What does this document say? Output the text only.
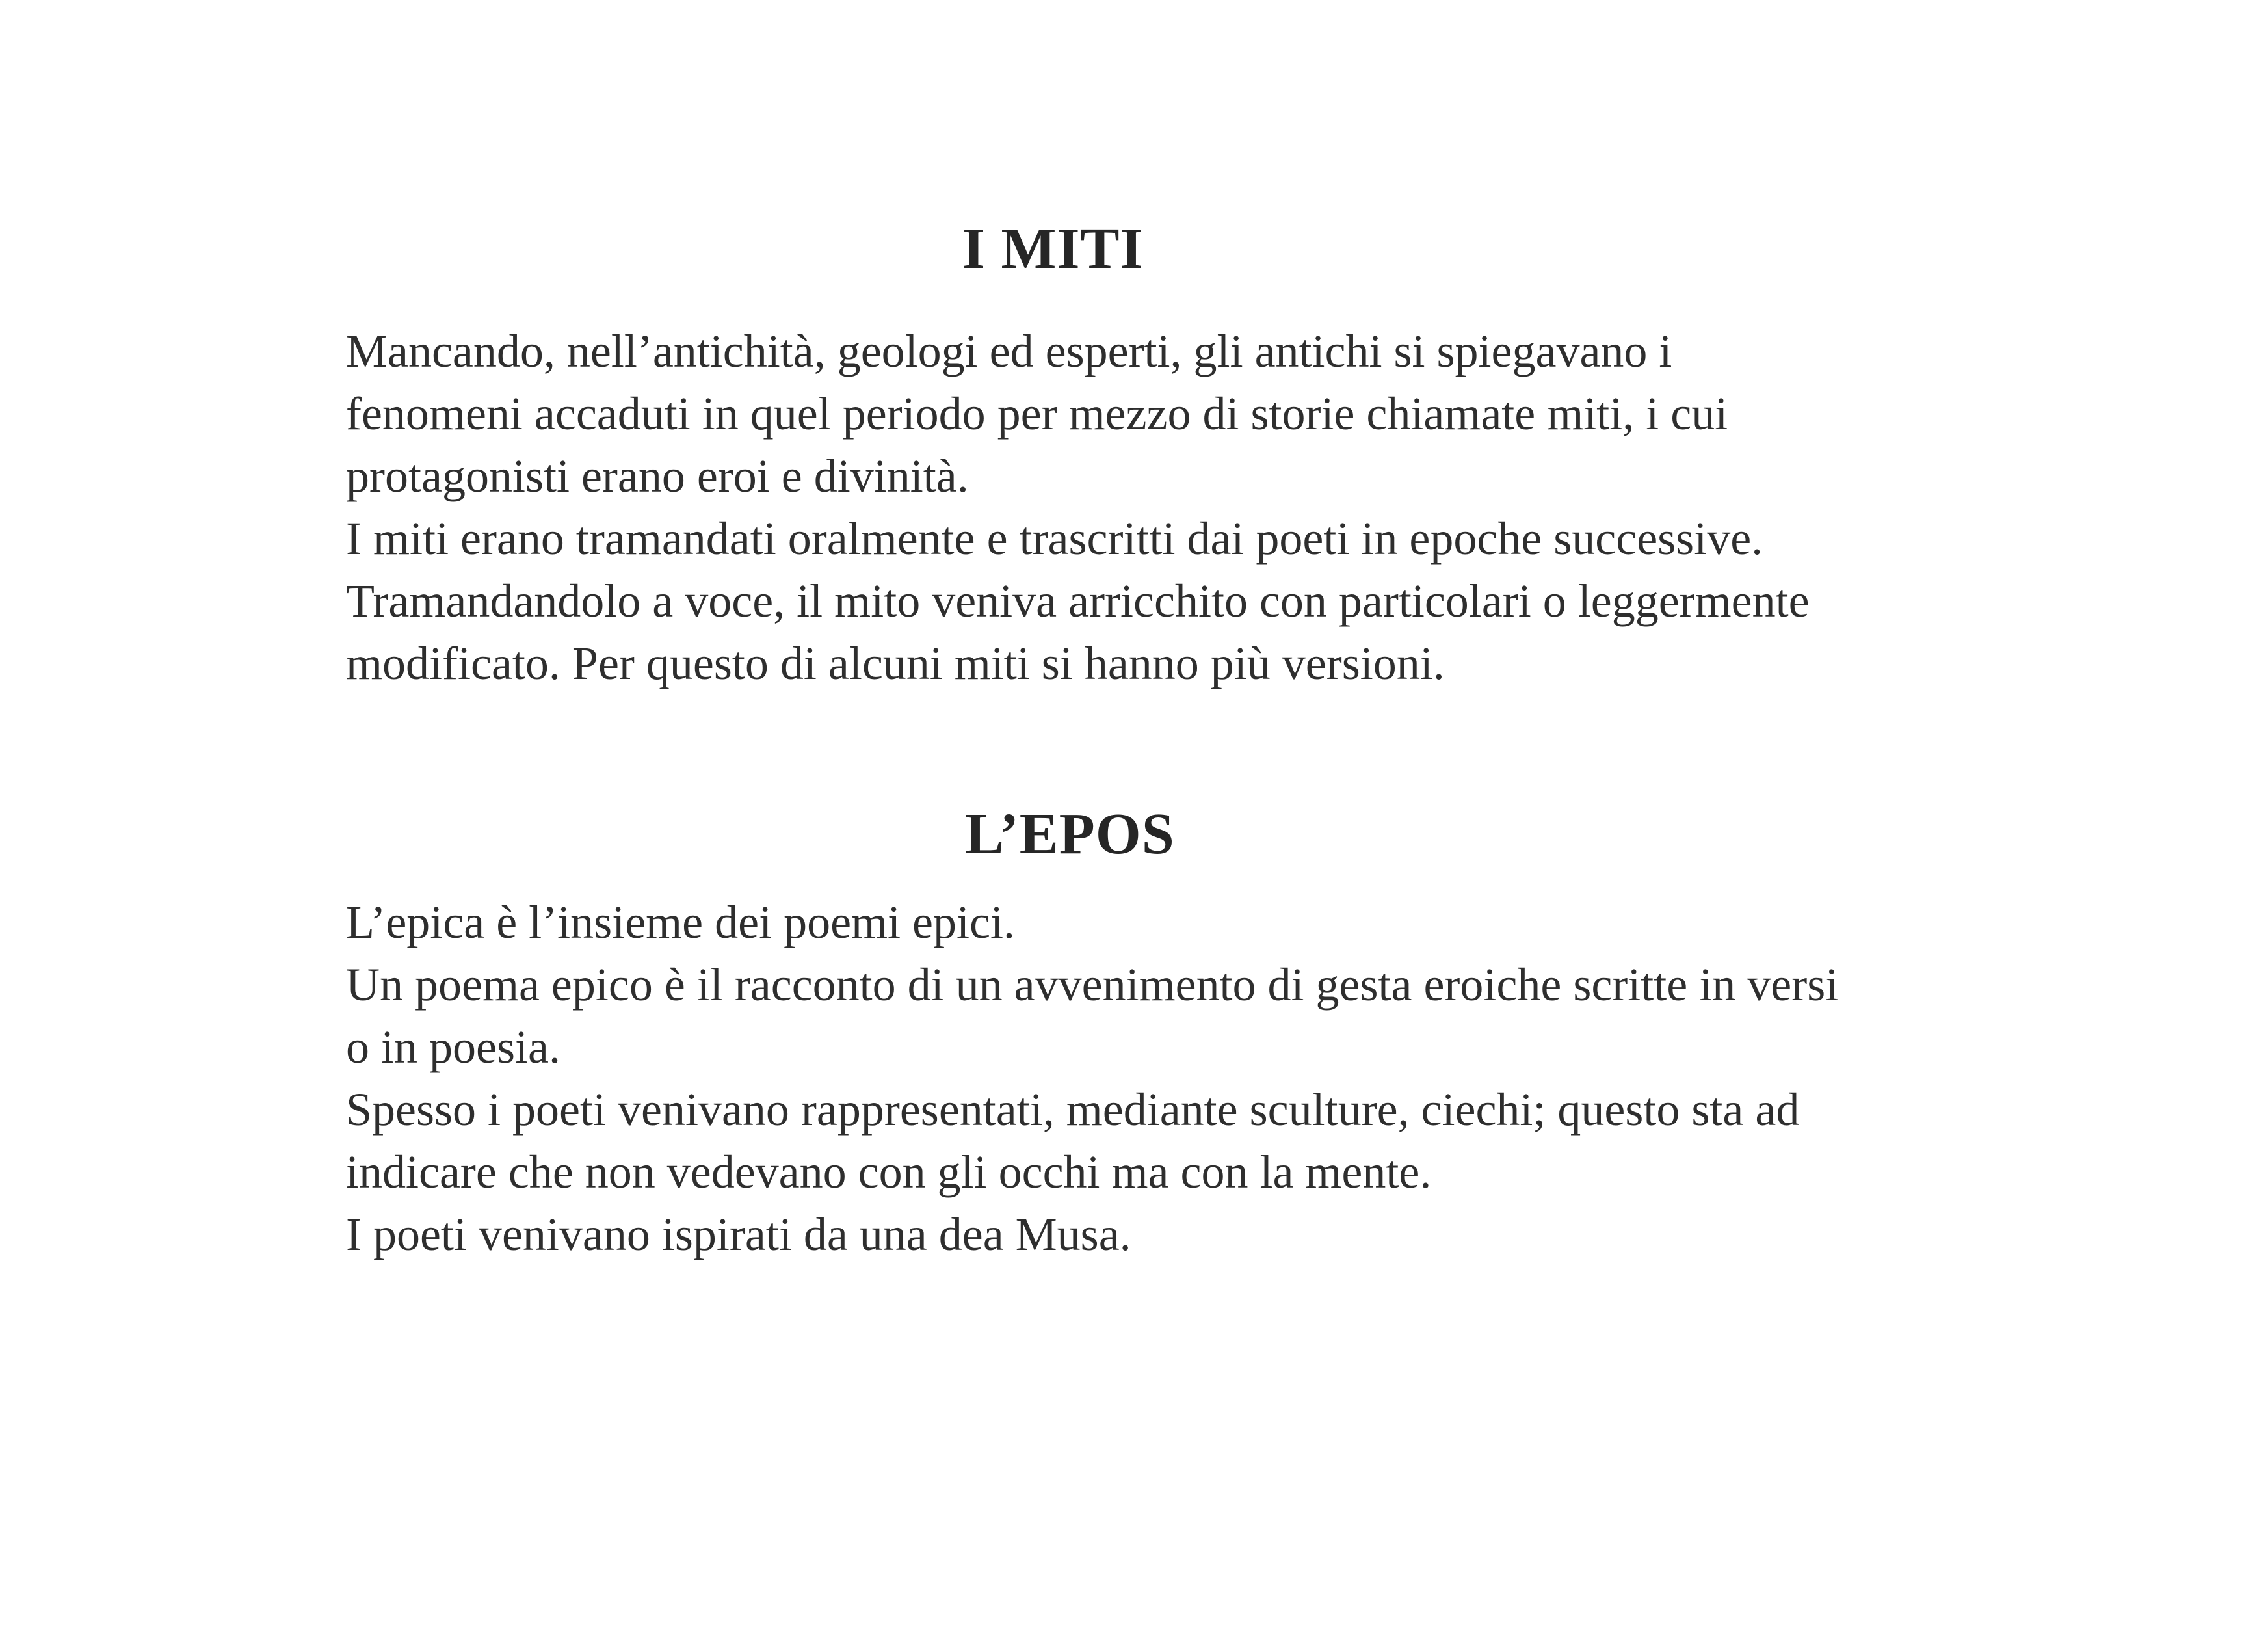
I MITI

Mancando, nell’antichità, geologi ed esperti, gli antichi si spiegavano i
fenomeni accaduti in quel periodo per mezzo di storie chiamate miti, i cui
protagonisti erano eroi e divinità.
I miti erano tramandati oralmente e trascritti dai poeti in epoche successive.
Tramandandolo a voce, il mito veniva arricchito con particolari o leggermente
modificato. Per questo di alcuni miti si hanno più versioni.

L’EPOS

L’epica è l’insieme dei poemi epici.
Un poema epico è il racconto di un avvenimento di gesta eroiche scritte in versi
o in poesia.
Spesso i poeti venivano rappresentati, mediante sculture, ciechi; questo sta ad
indicare che non vedevano con gli occhi ma con la mente.
I poeti venivano ispirati da una dea Musa.
